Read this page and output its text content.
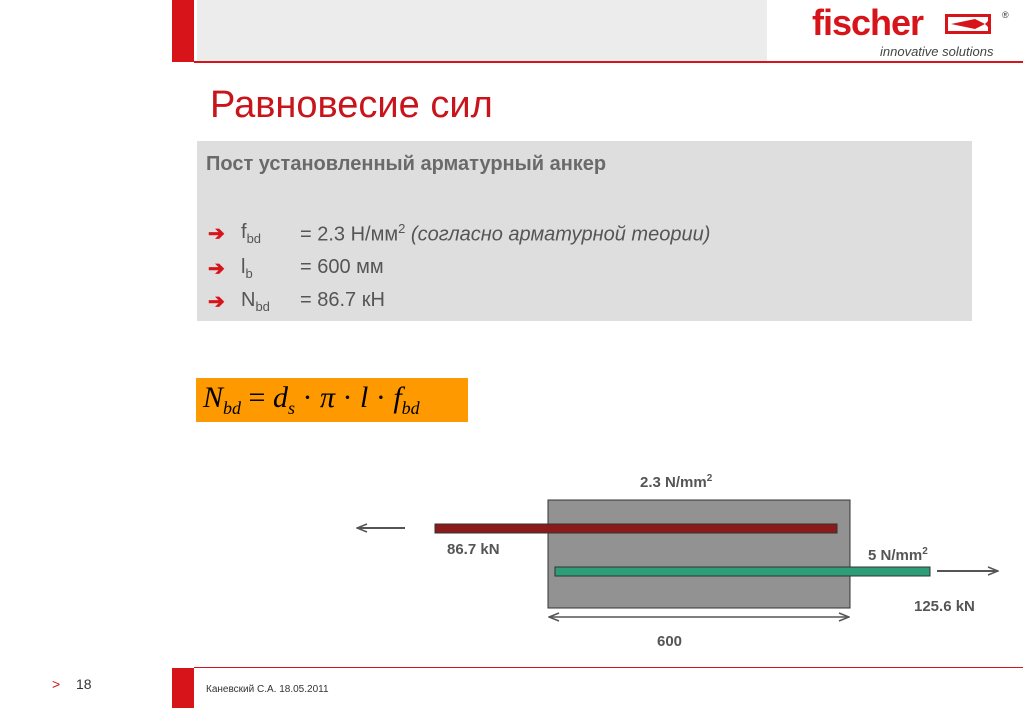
fischer	®
innovative solutions
Равновесие сил
Пост установленный арматурный анкер
➔ $f_{bd} = 2.3$ $Н/мм^2$ (согласно арматурной теории)
➔ $l_b = 600$ мм
➔ $N_{bd} = 86.7$ кН
$N_{bd} = d_s \cdot \pi \cdot l \cdot f_{bd}$
2.3 $N/mm^2$
86.7 kN	5 $N/mm^2$
125.6 kN
600
> 18	Каневский С.А. 18.05.2011
